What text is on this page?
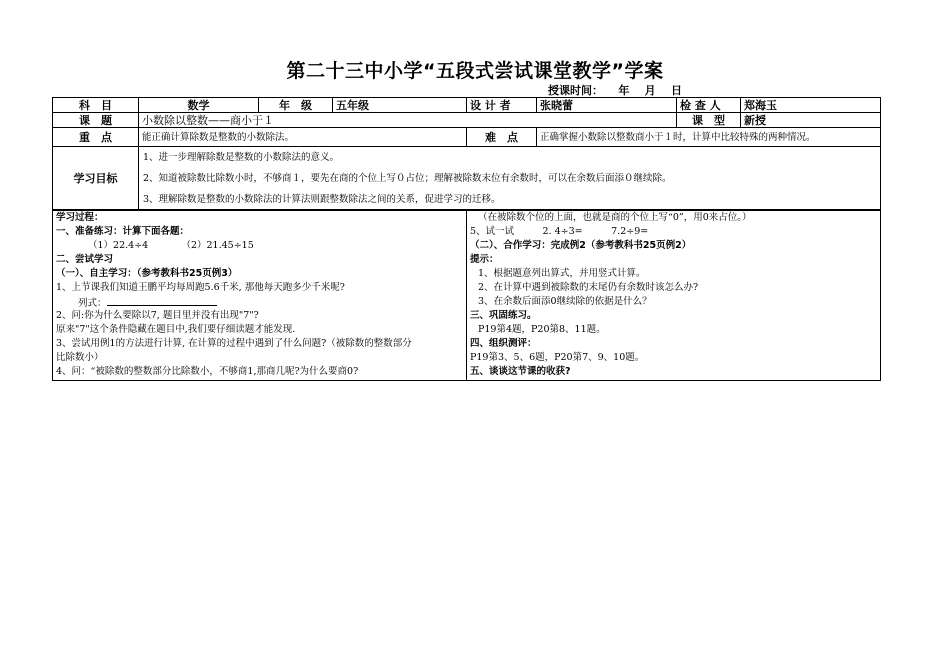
第二十三中小学“五段式尝试课堂教学”学案
授课时间：    年    月    日
科　目	数学	年　级	五年级	设 计 者	张晓蕾	检 查 人	郑海玉
课　题	小数除以整数——商小于１					课　型	新授
重　点	能正确计算除数是整数的小数除法。			难　点	正确掌握小数除以整数商小于１时，计算中比较特殊的两种情况。		
学习目标	1、进一步理解除数是整数的小数除法的意义。
2、知道被除数比除数小时，不够商１，要先在商的个位上写０占位；理解被除数末位有余数时，可以在余数后面添０继续除。
3、理解除数是整数的小数除法的计算法则跟整数除法之间的关系，促进学习的迁移。						
学习过程：
一、准备练习：计算下面各题：
（1）22.4÷4　　　　（2）21.45÷15
二、尝试学习
（一）、自主学习：（参考教科书25页例3）
1、上节课我们知道王鹏平均每周跑5.6千米, 那他每天跑多少千米呢?
列式：
2、问:你为什么要除以7, 题目里并没有出现"7"?
原来"7"这个条件隐藏在题目中,我们要仔细读题才能发现.
3、尝试用例1的方法进行计算, 在计算的过程中遇到了什么问题?（被除数的整数部分
比除数小）
4、问：“被除数的整数部分比除数小，不够商1,那商几呢?为什么要商0?

（在被除数个位的上面，也就是商的个位上写“0”，用0来占位。）
5、试一试　　　2. 4÷3=　　　7.2÷9=
（二）、合作学习：完成例2（参考教科书25页例2）
提示：
1、根据题意列出算式，并用竖式计算。
2、在计算中遇到被除数的末尾仍有余数时该怎么办?
3、在余数后面添0继续除的依据是什么？
三、巩固练习。
P19第4题，P20第8、11题。
四、组织测评：
P19第3、5、6题，P20第7、9、10题。
五、谈谈这节课的收获?
